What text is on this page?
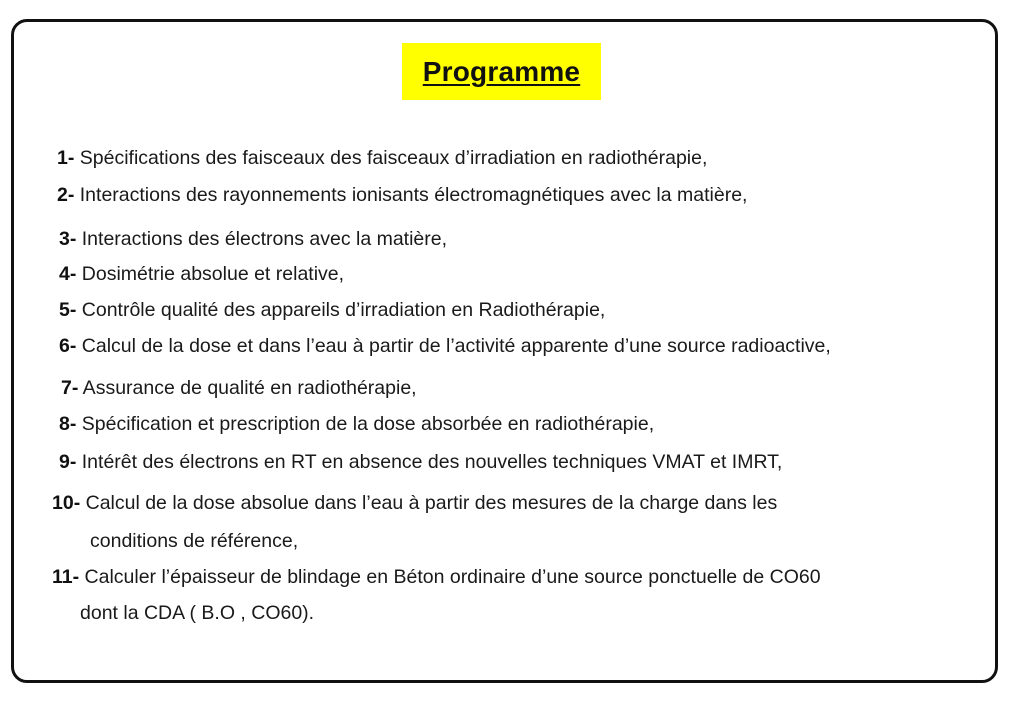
Programme
1- Spécifications des faisceaux des faisceaux d’irradiation en radiothérapie,
2- Interactions des rayonnements ionisants électromagnétiques avec la matière,
3- Interactions des électrons avec la matière,
4- Dosimétrie absolue et relative,
5- Contrôle qualité des appareils d’irradiation en Radiothérapie,
6- Calcul de la dose et dans l’eau à partir de l’activité apparente d’une source radioactive,
7- Assurance de qualité en radiothérapie,
8- Spécification et prescription de la dose absorbée en radiothérapie,
9- Intérêt des électrons en RT en absence des nouvelles techniques VMAT et IMRT,
10- Calcul de la dose absolue dans l’eau à partir des mesures de la charge dans les
conditions de référence,
11- Calculer l’épaisseur de blindage en Béton ordinaire d’une source ponctuelle de CO60
dont la CDA ( B.O , CO60).
